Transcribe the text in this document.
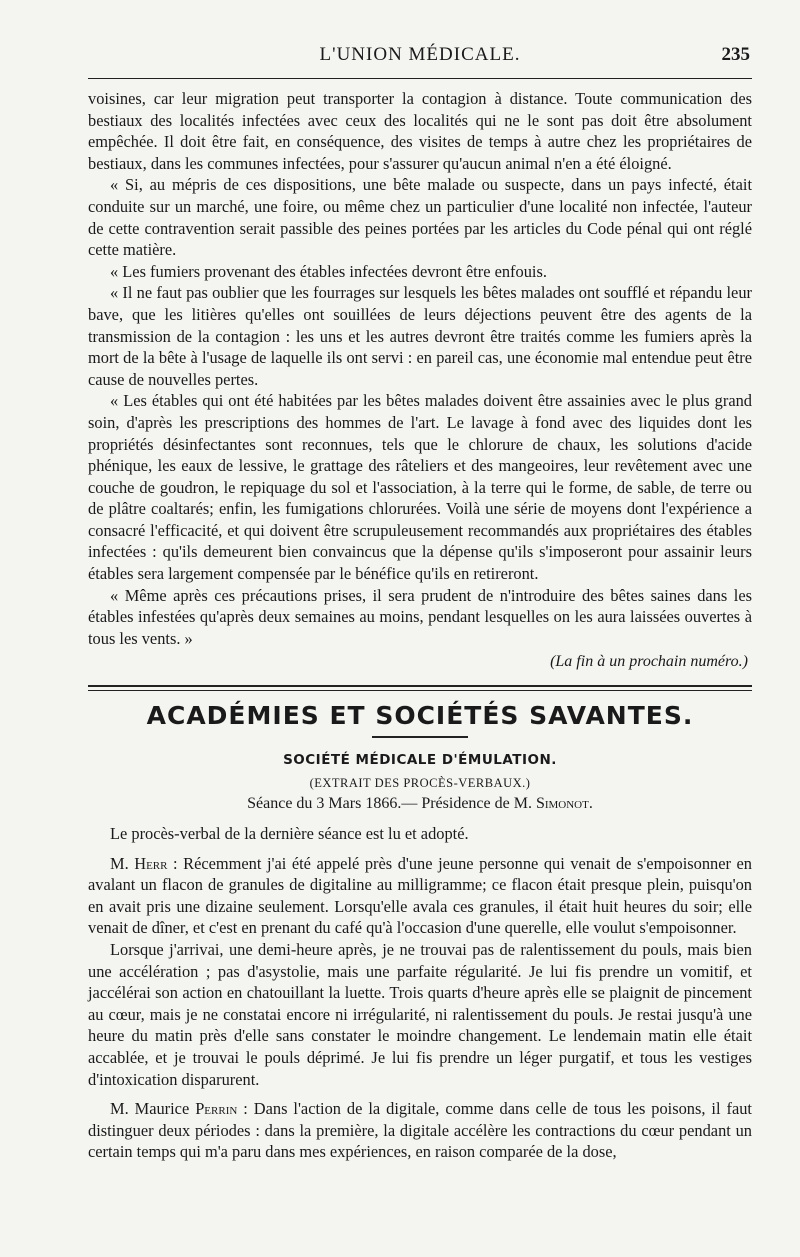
L'UNION MÉDICALE.	235

voisines, car leur migration peut transporter la contagion à distance. Toute communication des bestiaux des localités infectées avec ceux des localités qui ne le sont pas doit être absolument empêchée. Il doit être fait, en conséquence, des visites de temps à autre chez les propriétaires de bestiaux, dans les communes infectées, pour s'assurer qu'aucun animal n'en a été éloigné.

« Si, au mépris de ces dispositions, une bête malade ou suspecte, dans un pays infecté, était conduite sur un marché, une foire, ou même chez un particulier d'une localité non infectée, l'auteur de cette contravention serait passible des peines portées par les articles du Code pénal qui ont réglé cette matière.

« Les fumiers provenant des étables infectées devront être enfouis.

« Il ne faut pas oublier que les fourrages sur lesquels les bêtes malades ont soufflé et répandu leur bave, que les litières qu'elles ont souillées de leurs déjections peuvent être des agents de la transmission de la contagion : les uns et les autres devront être traités comme les fumiers après la mort de la bête à l'usage de laquelle ils ont servi : en pareil cas, une économie mal entendue peut être cause de nouvelles pertes.

« Les étables qui ont été habitées par les bêtes malades doivent être assainies avec le plus grand soin, d'après les prescriptions des hommes de l'art. Le lavage à fond avec des liquides dont les propriétés désinfectantes sont reconnues, tels que le chlorure de chaux, les solutions d'acide phénique, les eaux de lessive, le grattage des râteliers et des mangeoires, leur revêtement avec une couche de goudron, le repiquage du sol et l'association, à la terre qui le forme, de sable, de terre ou de plâtre coaltarés; enfin, les fumigations chlorurées. Voilà une série de moyens dont l'expérience a consacré l'efficacité, et qui doivent être scrupuleusement recommandés aux propriétaires des étables infectées : qu'ils demeurent bien convaincus que la dépense qu'ils s'imposeront pour assainir leurs étables sera largement compensée par le bénéfice qu'ils en retireront.

« Même après ces précautions prises, il sera prudent de n'introduire des bêtes saines dans les étables infestées qu'après deux semaines au moins, pendant lesquelles on les aura laissées ouvertes à tous les vents. »

(La fin à un prochain numéro.)
ACADÉMIES ET SOCIÉTÉS SAVANTES.
SOCIÉTÉ MÉDICALE D'ÉMULATION.
(EXTRAIT DES PROCÈS-VERBAUX.)
Séance du 3 Mars 1866.— Présidence de M. Simonot.

Le procès-verbal de la dernière séance est lu et adopté.

M. Herr : Récemment j'ai été appelé près d'une jeune personne qui venait de s'empoisonner en avalant un flacon de granules de digitaline au milligramme; ce flacon était presque plein, puisqu'on en avait pris une dizaine seulement. Lorsqu'elle avala ces granules, il était huit heures du soir; elle venait de dîner, et c'est en prenant du café qu'à l'occasion d'une querelle, elle voulut s'empoisonner.

Lorsque j'arrivai, une demi-heure après, je ne trouvai pas de ralentissement du pouls, mais bien une accélération ; pas d'asystolie, mais une parfaite régularité. Je lui fis prendre un vomitif, et jaccélérai son action en chatouillant la luette. Trois quarts d'heure après elle se plaignit de pincement au cœur, mais je ne constatai encore ni irrégularité, ni ralentissement du pouls. Je restai jusqu'à une heure du matin près d'elle sans constater le moindre changement. Le lendemain matin elle était accablée, et je trouvai le pouls déprimé. Je lui fis prendre un léger purgatif, et tous les vestiges d'intoxication disparurent.

M. Maurice Perrin : Dans l'action de la digitale, comme dans celle de tous les poisons, il faut distinguer deux périodes : dans la première, la digitale accélère les contractions du cœur pendant un certain temps qui m'a paru dans mes expériences, en raison comparée de la dose,
